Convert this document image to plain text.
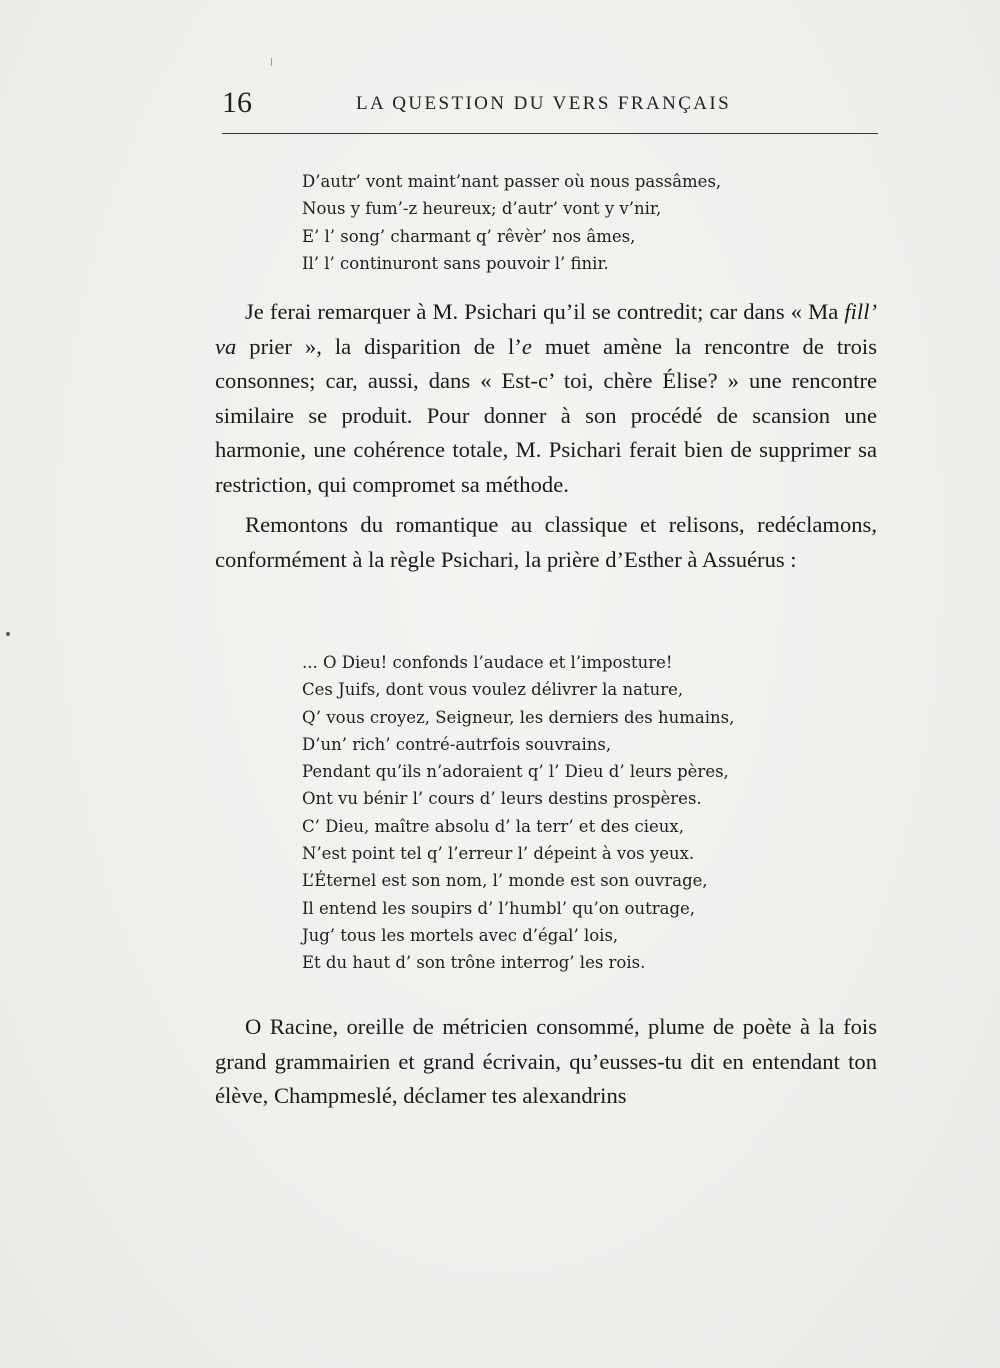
16	LA QUESTION DU VERS FRANÇAIS
D’autr’ vont maint’nant passer où nous passâmes,
Nous y fum’-z heureux; d’autr’ vont y v’nir,
E’ l’ song’ charmant q’ rêvèr’ nos âmes,
Il’ l’ continuront sans pouvoir l’ finir.

Je ferai remarquer à M. Psichari qu’il se contredit; car dans « Ma fill’ va prier », la disparition de l’e muet amène la rencontre de trois consonnes; car, aussi, dans « Est-c’ toi, chère Élise? » une rencontre similaire se produit. Pour donner à son procédé de scansion une harmonie, une cohérence totale, M. Psichari ferait bien de supprimer sa restriction, qui compromet sa méthode.

Remontons du romantique au classique et relisons, redéclamons, conformément à la règle Psichari, la prière d’Esther à Assuérus :

... O Dieu! confonds l’audace et l’imposture!
Ces Juifs, dont vous voulez délivrer la nature,
Q’ vous croyez, Seigneur, les derniers des humains,
D’un’ rich’ contré-autrfois souvrains,
Pendant qu’ils n’adoraient q’ l’ Dieu d’ leurs pères,
Ont vu bénir l’ cours d’ leurs destins prospères.
C’ Dieu, maître absolu d’ la terr’ et des cieux,
N’est point tel q’ l’erreur l’ dépeint à vos yeux.
L’Éternel est son nom, l’ monde est son ouvrage,
Il entend les soupirs d’ l’humbl’ qu’on outrage,
Jug’ tous les mortels avec d’égal’ lois,
Et du haut d’ son trône interrog’ les rois.

O Racine, oreille de métricien consommé, plume de poète à la fois grand grammairien et grand écrivain, qu’eusses-tu dit en entendant ton élève, Champmeslé, déclamer tes alexandrins
